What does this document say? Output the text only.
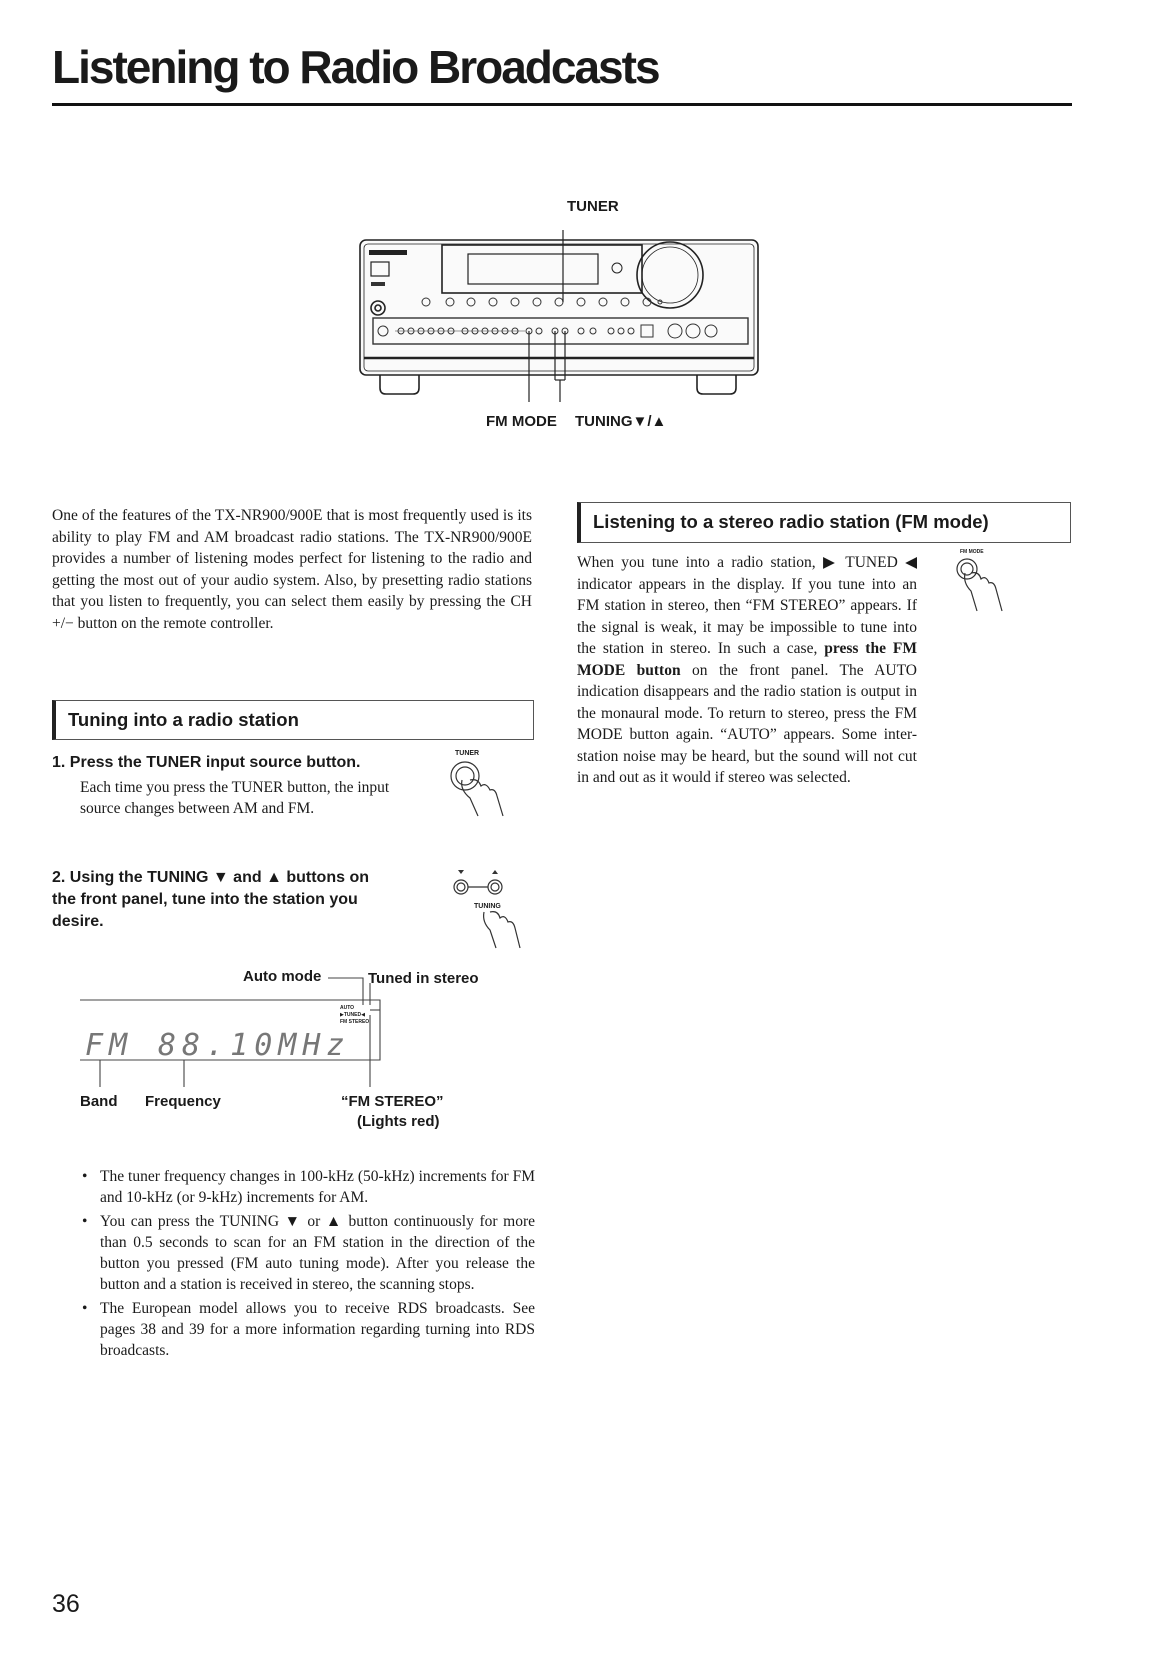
Listening to Radio Broadcasts
TUNER
FM MODE TUNING▼/▲
One of the features of the TX-NR900/900E that is most frequently used is its ability to play FM and AM broadcast radio stations. The TX-NR900/900E provides a number of listening modes perfect for listening to the radio and getting the most out of your audio system. Also, by presetting radio stations that you listen to frequently, you can select them easily by pressing the CH +/− button on the remote controller.
Tuning into a radio station
1. Press the TUNER input source button.
Each time you press the TUNER button, the input source changes between AM and FM.
TUNER
2. Using the TUNING ▼ and ▲ buttons on the front panel, tune into the station you desire.
TUNING
Auto mode	Tuned in stereo
FM 88.10MHz
AUTO
▶TUNED◀
FM STEREO
Band Frequency	“FM STEREO”
(Lights red)
• The tuner frequency changes in 100-kHz (50-kHz) increments for FM and 10-kHz (or 9-kHz) increments for AM.
• You can press the TUNING ▼ or ▲ button continuously for more than 0.5 seconds to scan for an FM station in the direction of the button you pressed (FM auto tuning mode). After you release the button and a station is received in stereo, the scanning stops.
• The European model allows you to receive RDS broadcasts. See pages 38 and 39 for a more information regarding turning into RDS broadcasts.
Listening to a stereo radio station (FM mode)
When you tune into a radio station, ▶ TUNED ◀ indicator appears in the display. If you tune into an FM station in stereo, then “FM STEREO” appears. If the signal is weak, it may be impossible to tune into the station in stereo. In such a case, press the FM MODE button on the front panel. The AUTO indication disappears and the radio station is output in the monaural mode. To return to stereo, press the FM MODE button again. “AUTO” appears. Some inter-station noise may be heard, but the sound will not cut in and out as it would if stereo was selected.
FM MODE
36
